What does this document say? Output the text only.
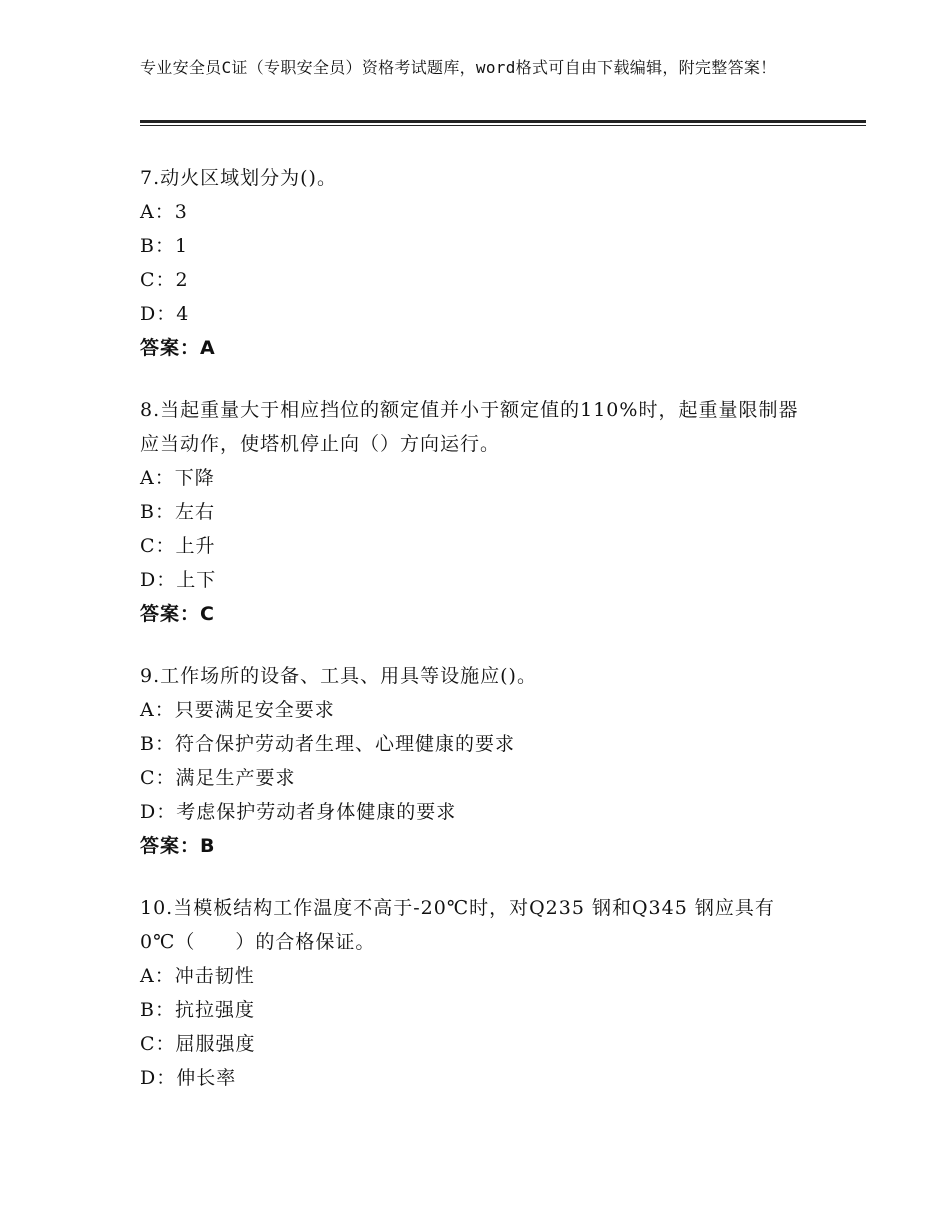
专业安全员C证（专职安全员）资格考试题库，word格式可自由下载编辑，附完整答案！
7.动火区域划分为()。
A：3
B：1
C：2
D：4
答案：A
8.当起重量大于相应挡位的额定值并小于额定值的110%时，起重量限制器应当动作，使塔机停止向（）方向运行。
A：下降
B：左右
C：上升
D：上下
答案：C
9.工作场所的设备、工具、用具等设施应()。
A：只要满足安全要求
B：符合保护劳动者生理、心理健康的要求
C：满足生产要求
D：考虑保护劳动者身体健康的要求
答案：B
10.当模板结构工作温度不高于-20℃时，对Q235 钢和Q345 钢应具有0℃（　　）的合格保证。
A：冲击韧性
B：抗拉强度
C：屈服强度
D：伸长率
